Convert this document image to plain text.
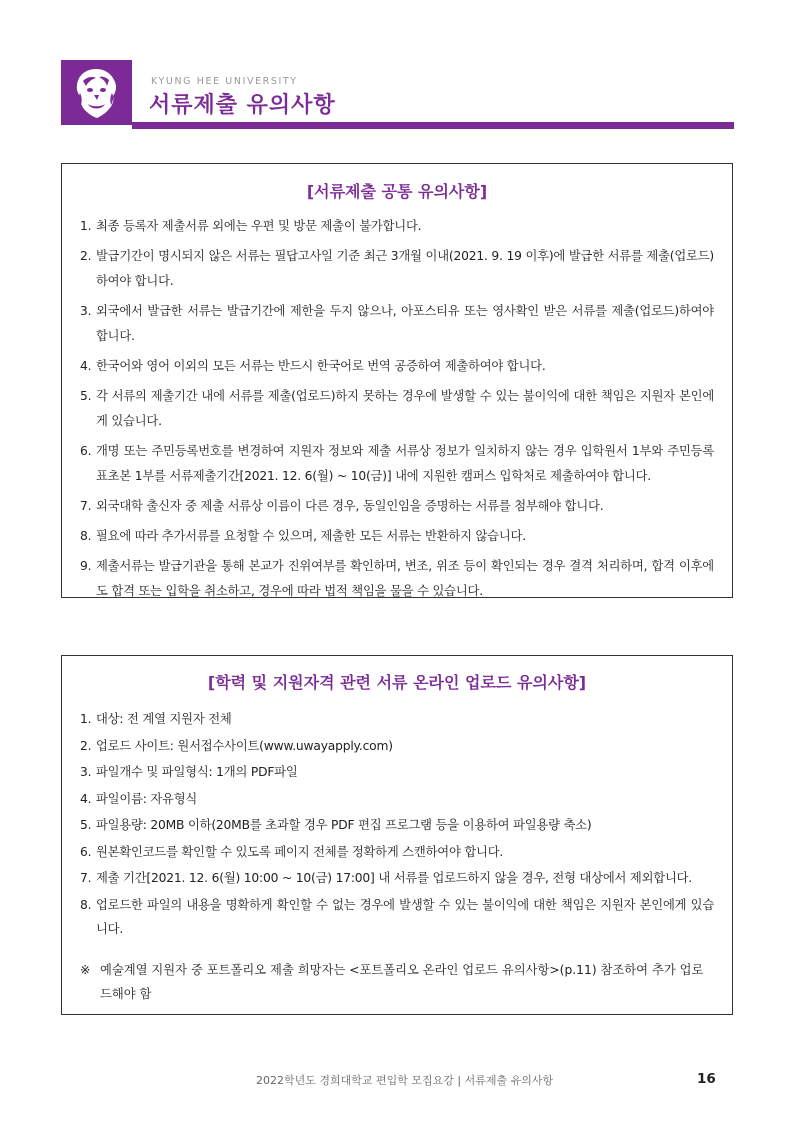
KYUNG HEE UNIVERSITY
서류제출 유의사항
[서류제출 공통 유의사항]
1. 최종 등록자 제출서류 외에는 우편 및 방문 제출이 불가합니다.
2. 발급기간이 명시되지 않은 서류는 필답고사일 기준 최근 3개월 이내(2021. 9. 19 이후)에 발급한 서류를 제출(업로드)하여야 합니다.
3. 외국에서 발급한 서류는 발급기간에 제한을 두지 않으나, 아포스티유 또는 영사확인 받은 서류를 제출(업로드)하여야 합니다.
4. 한국어와 영어 이외의 모든 서류는 반드시 한국어로 번역 공증하여 제출하여야 합니다.
5. 각 서류의 제출기간 내에 서류를 제출(업로드)하지 못하는 경우에 발생할 수 있는 불이익에 대한 책임은 지원자 본인에게 있습니다.
6. 개명 또는 주민등록번호를 변경하여 지원자 정보와 제출 서류상 정보가 일치하지 않는 경우 입학원서 1부와 주민등록표초본 1부를 서류제출기간[2021. 12. 6(월) ~ 10(금)] 내에 지원한 캠퍼스 입학처로 제출하여야 합니다.
7. 외국대학 출신자 중 제출 서류상 이름이 다른 경우, 동일인임을 증명하는 서류를 첨부해야 합니다.
8. 필요에 따라 추가서류를 요청할 수 있으며, 제출한 모든 서류는 반환하지 않습니다.
9. 제출서류는 발급기관을 통해 본교가 진위여부를 확인하며, 변조, 위조 등이 확인되는 경우 결격 처리하며, 합격 이후에도 합격 또는 입학을 취소하고, 경우에 따라 법적 책임을 물을 수 있습니다.
[학력 및 지원자격 관련 서류 온라인 업로드 유의사항]
1. 대상: 전 계열 지원자 전체
2. 업로드 사이트: 원서접수사이트(www.uwayapply.com)
3. 파일개수 및 파일형식: 1개의 PDF파일
4. 파일이름: 자유형식
5. 파일용량: 20MB 이하(20MB를 초과할 경우 PDF 편집 프로그램 등을 이용하여 파일용량 축소)
6. 원본확인코드를 확인할 수 있도록 페이지 전체를 정확하게 스캔하여야 합니다.
7. 제출 기간[2021. 12. 6(월) 10:00 ~ 10(금) 17:00] 내 서류를 업로드하지 않을 경우, 전형 대상에서 제외합니다.
8. 업로드한 파일의 내용을 명확하게 확인할 수 없는 경우에 발생할 수 있는 불이익에 대한 책임은 지원자 본인에게 있습니다.
※ 예술계열 지원자 중 포트폴리오 제출 희망자는 <포트폴리오 온라인 업로드 유의사항>(p.11) 참조하여 추가 업로드해야 함
2022학년도 경희대학교 편입학 모집요강 | 서류제출 유의사항	16
